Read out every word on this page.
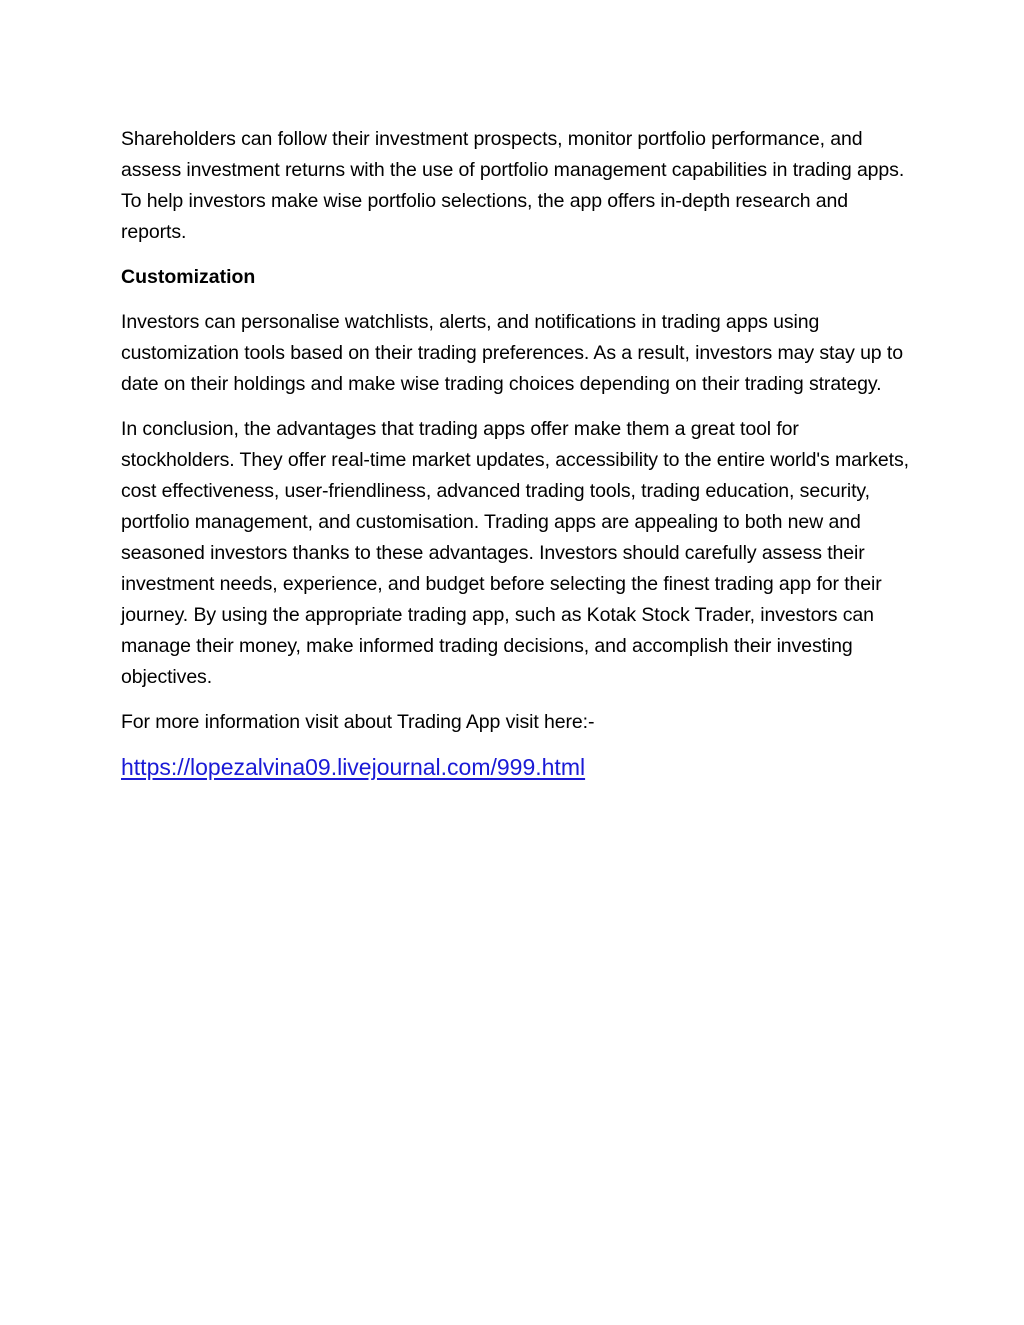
Shareholders can follow their investment prospects, monitor portfolio performance, and assess investment returns with the use of portfolio management capabilities in trading apps. To help investors make wise portfolio selections, the app offers in-depth research and reports.

Customization

Investors can personalise watchlists, alerts, and notifications in trading apps using customization tools based on their trading preferences. As a result, investors may stay up to date on their holdings and make wise trading choices depending on their trading strategy.

In conclusion, the advantages that trading apps offer make them a great tool for stockholders. They offer real-time market updates, accessibility to the entire world's markets, cost effectiveness, user-friendliness, advanced trading tools, trading education, security, portfolio management, and customisation. Trading apps are appealing to both new and seasoned investors thanks to these advantages. Investors should carefully assess their investment needs, experience, and budget before selecting the finest trading app for their journey. By using the appropriate trading app, such as Kotak Stock Trader, investors can manage their money, make informed trading decisions, and accomplish their investing objectives.

For more information visit about Trading App visit here:-

https://lopezalvina09.livejournal.com/999.html
